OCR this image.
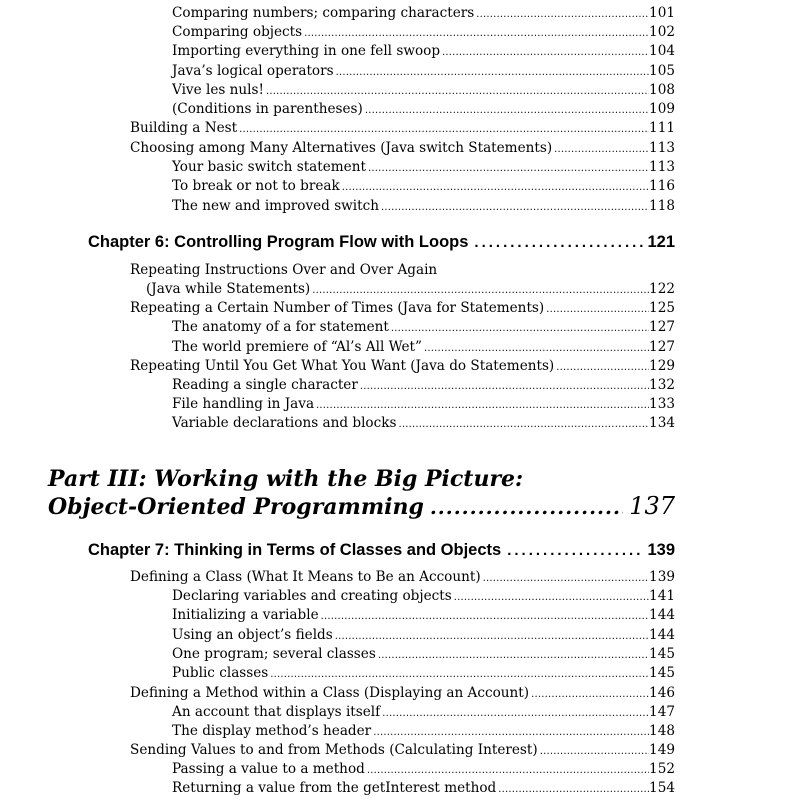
Comparing numbers; comparing characters .....	101
Comparing objects .....	102
Importing everything in one fell swoop .....	104
Java’s logical operators .....	105
Vive les nuls! .....	108
(Conditions in parentheses) .....	109
Building a Nest .....	111
Choosing among Many Alternatives (Java switch Statements) .....	113
Your basic switch statement .....	113
To break or not to break .....	116
The new and improved switch .....	118
Chapter 6: Controlling Program Flow with Loops .....	121
Repeating Instructions Over and Over Again
(Java while Statements) .....	122
Repeating a Certain Number of Times (Java for Statements) .....	125
The anatomy of a for statement .....	127
The world premiere of “Al’s All Wet” .....	127
Repeating Until You Get What You Want (Java do Statements) .....	129
Reading a single character .....	132
File handling in Java .....	133
Variable declarations and blocks .....	134
Part III: Working with the Big Picture:
Object-Oriented Programming .....	137
Chapter 7: Thinking in Terms of Classes and Objects .....	139
Defining a Class (What It Means to Be an Account) .....	139
Declaring variables and creating objects .....	141
Initializing a variable .....	144
Using an object’s fields .....	144
One program; several classes .....	145
Public classes .....	145
Defining a Method within a Class (Displaying an Account) .....	146
An account that displays itself .....	147
The display method’s header .....	148
Sending Values to and from Methods (Calculating Interest) .....	149
Passing a value to a method .....	152
Returning a value from the getInterest method .....	154
